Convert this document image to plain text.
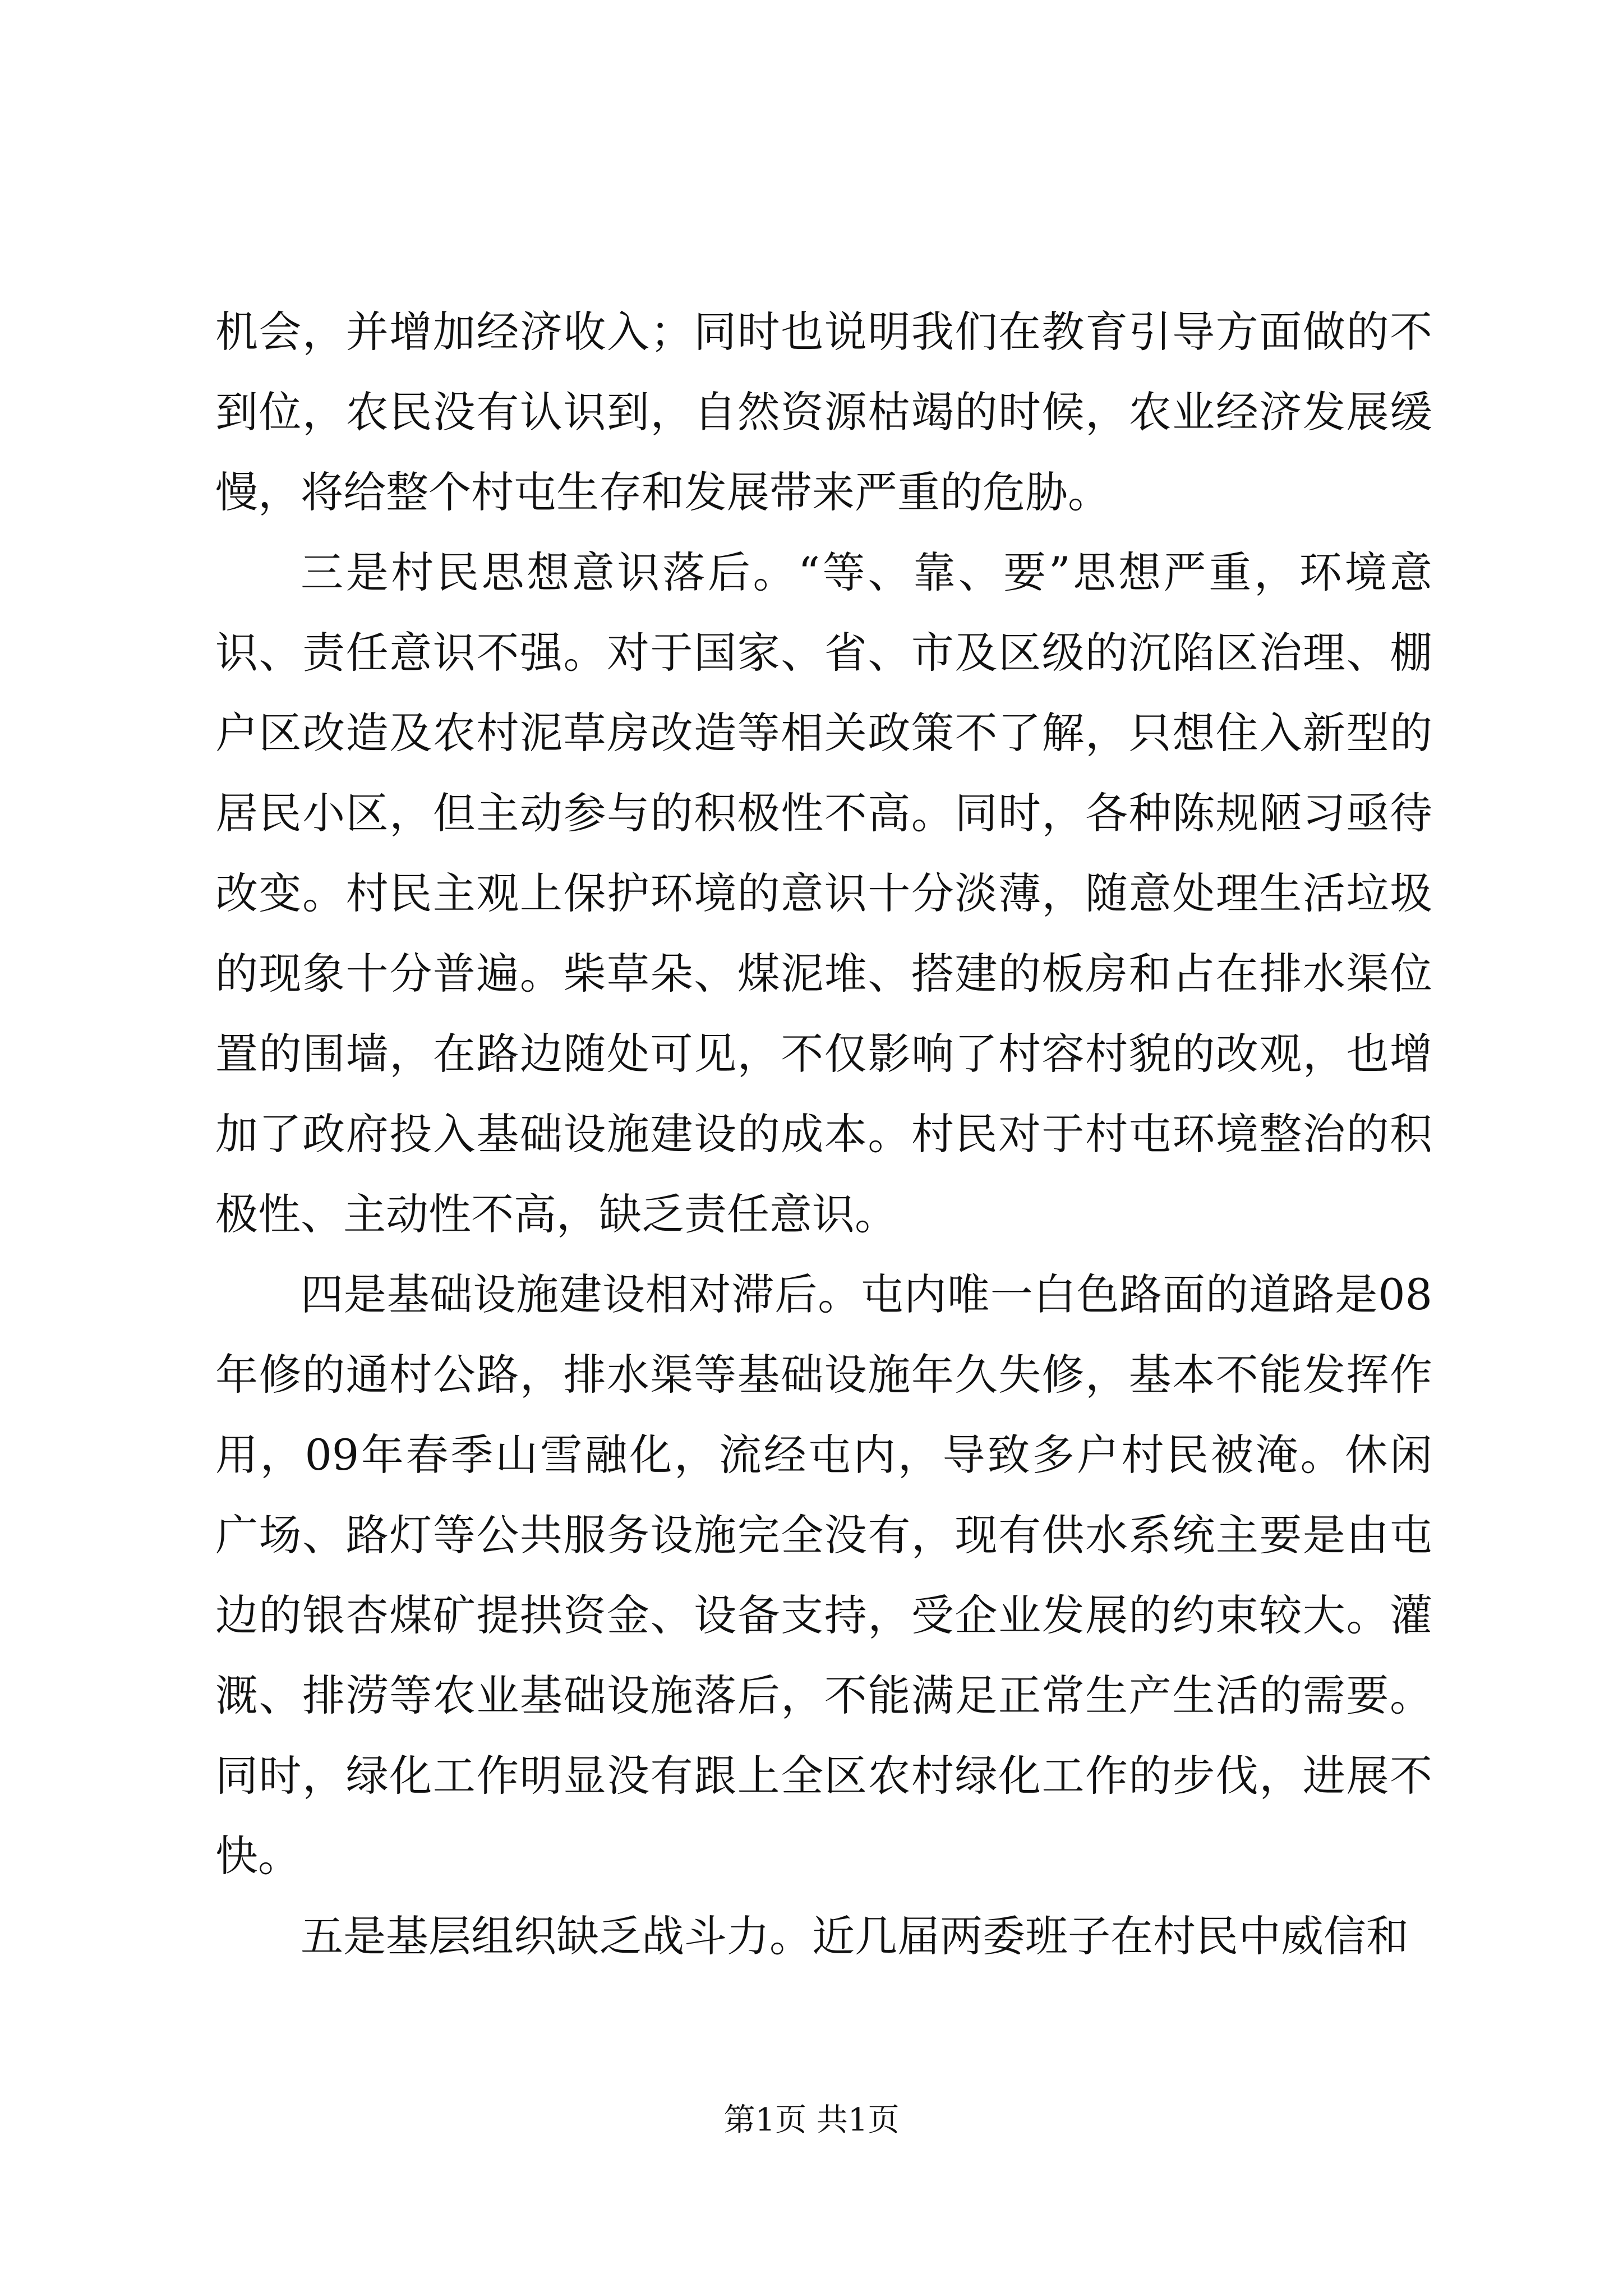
机会，并增加经济收入；同时也说明我们在教育引导方面做的不
到位，农民没有认识到，自然资源枯竭的时候，农业经济发展缓
慢，将给整个村屯生存和发展带来严重的危胁。
三是村民思想意识落后。“等、靠、要”思想严重，环境意
识、责任意识不强。对于国家、省、市及区级的沉陷区治理、棚
户区改造及农村泥草房改造等相关政策不了解，只想住入新型的
居民小区，但主动参与的积极性不高。同时，各种陈规陋习亟待
改变。村民主观上保护环境的意识十分淡薄，随意处理生活垃圾
的现象十分普遍。柴草朵、煤泥堆、搭建的板房和占在排水渠位
置的围墙，在路边随处可见，不仅影响了村容村貌的改观，也增
加了政府投入基础设施建设的成本。村民对于村屯环境整治的积
极性、主动性不高，缺乏责任意识。
四是基础设施建设相对滞后。屯内唯一白色路面的道路是08
年修的通村公路，排水渠等基础设施年久失修，基本不能发挥作
用，09年春季山雪融化，流经屯内，导致多户村民被淹。休闲
广场、路灯等公共服务设施完全没有，现有供水系统主要是由屯
边的银杏煤矿提拱资金、设备支持，受企业发展的约束较大。灌
溉、排涝等农业基础设施落后，不能满足正常生产生活的需要。
同时，绿化工作明显没有跟上全区农村绿化工作的步伐，进展不
快。
五是基层组织缺乏战斗力。近几届两委班子在村民中威信和
第1页 共1页
